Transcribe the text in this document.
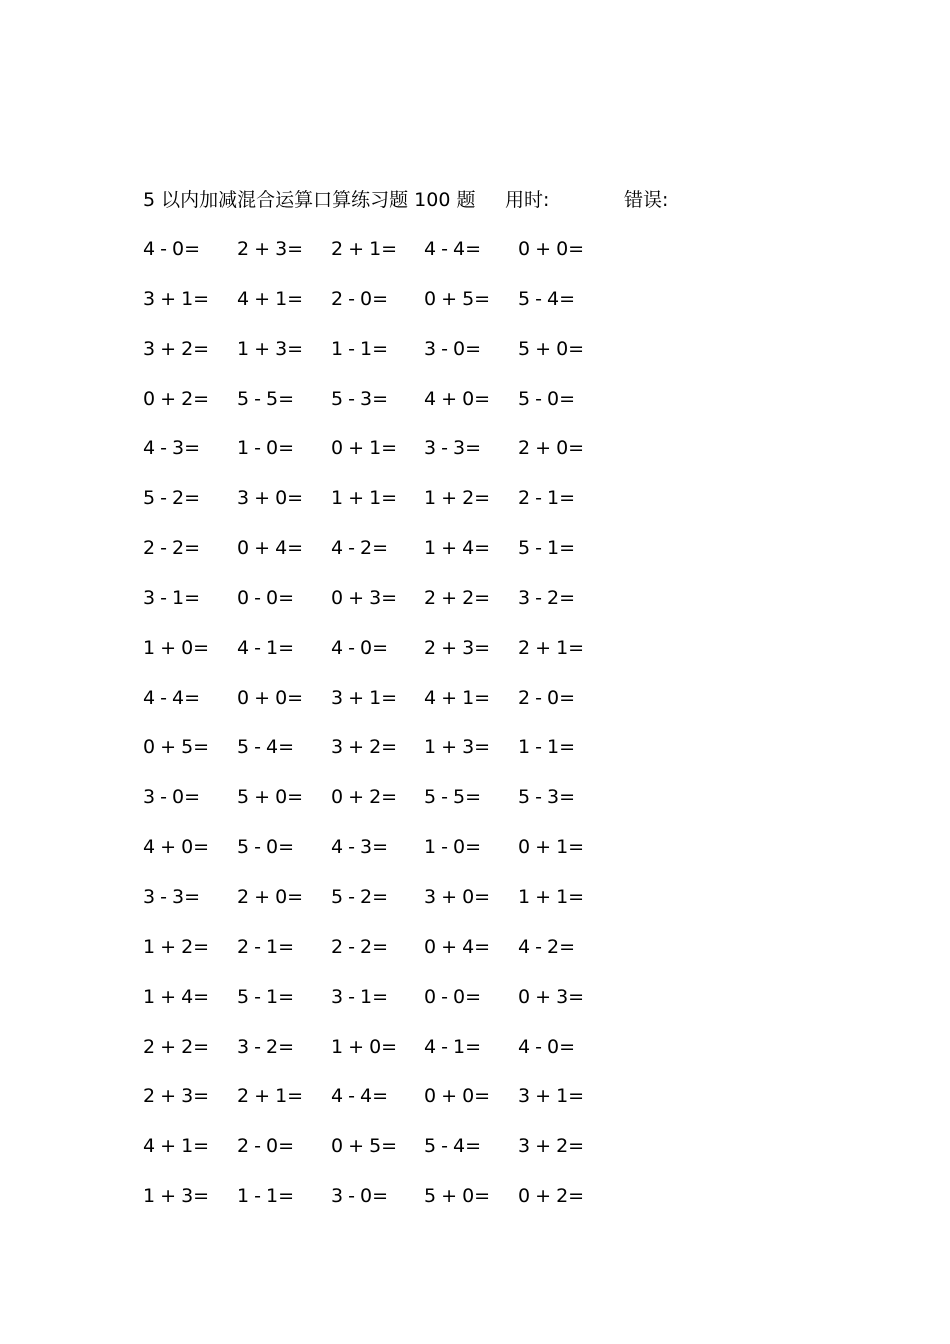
5 以内加减混合运算口算练习题 100 题 用时:	错误:
4 - 0= 2 + 3= 2 + 1= 4 - 4= 0 + 0=
3 + 1= 4 + 1= 2 - 0= 0 + 5= 5 - 4=
3 + 2= 1 + 3= 1 - 1= 3 - 0= 5 + 0=
0 + 2= 5 - 5= 5 - 3= 4 + 0= 5 - 0=
4 - 3= 1 - 0= 0 + 1= 3 - 3= 2 + 0=
5 - 2= 3 + 0= 1 + 1= 1 + 2= 2 - 1=
2 - 2= 0 + 4= 4 - 2= 1 + 4= 5 - 1=
3 - 1= 0 - 0= 0 + 3= 2 + 2= 3 - 2=
1 + 0= 4 - 1= 4 - 0= 2 + 3= 2 + 1=
4 - 4= 0 + 0= 3 + 1= 4 + 1= 2 - 0=
0 + 5= 5 - 4= 3 + 2= 1 + 3= 1 - 1=
3 - 0= 5 + 0= 0 + 2= 5 - 5= 5 - 3=
4 + 0= 5 - 0= 4 - 3= 1 - 0= 0 + 1=
3 - 3= 2 + 0= 5 - 2= 3 + 0= 1 + 1=
1 + 2= 2 - 1= 2 - 2= 0 + 4= 4 - 2=
1 + 4= 5 - 1= 3 - 1= 0 - 0= 0 + 3=
2 + 2= 3 - 2= 1 + 0= 4 - 1= 4 - 0=
2 + 3= 2 + 1= 4 - 4= 0 + 0= 3 + 1=
4 + 1= 2 - 0= 0 + 5= 5 - 4= 3 + 2=
1 + 3= 1 - 1= 3 - 0= 5 + 0= 0 + 2=
